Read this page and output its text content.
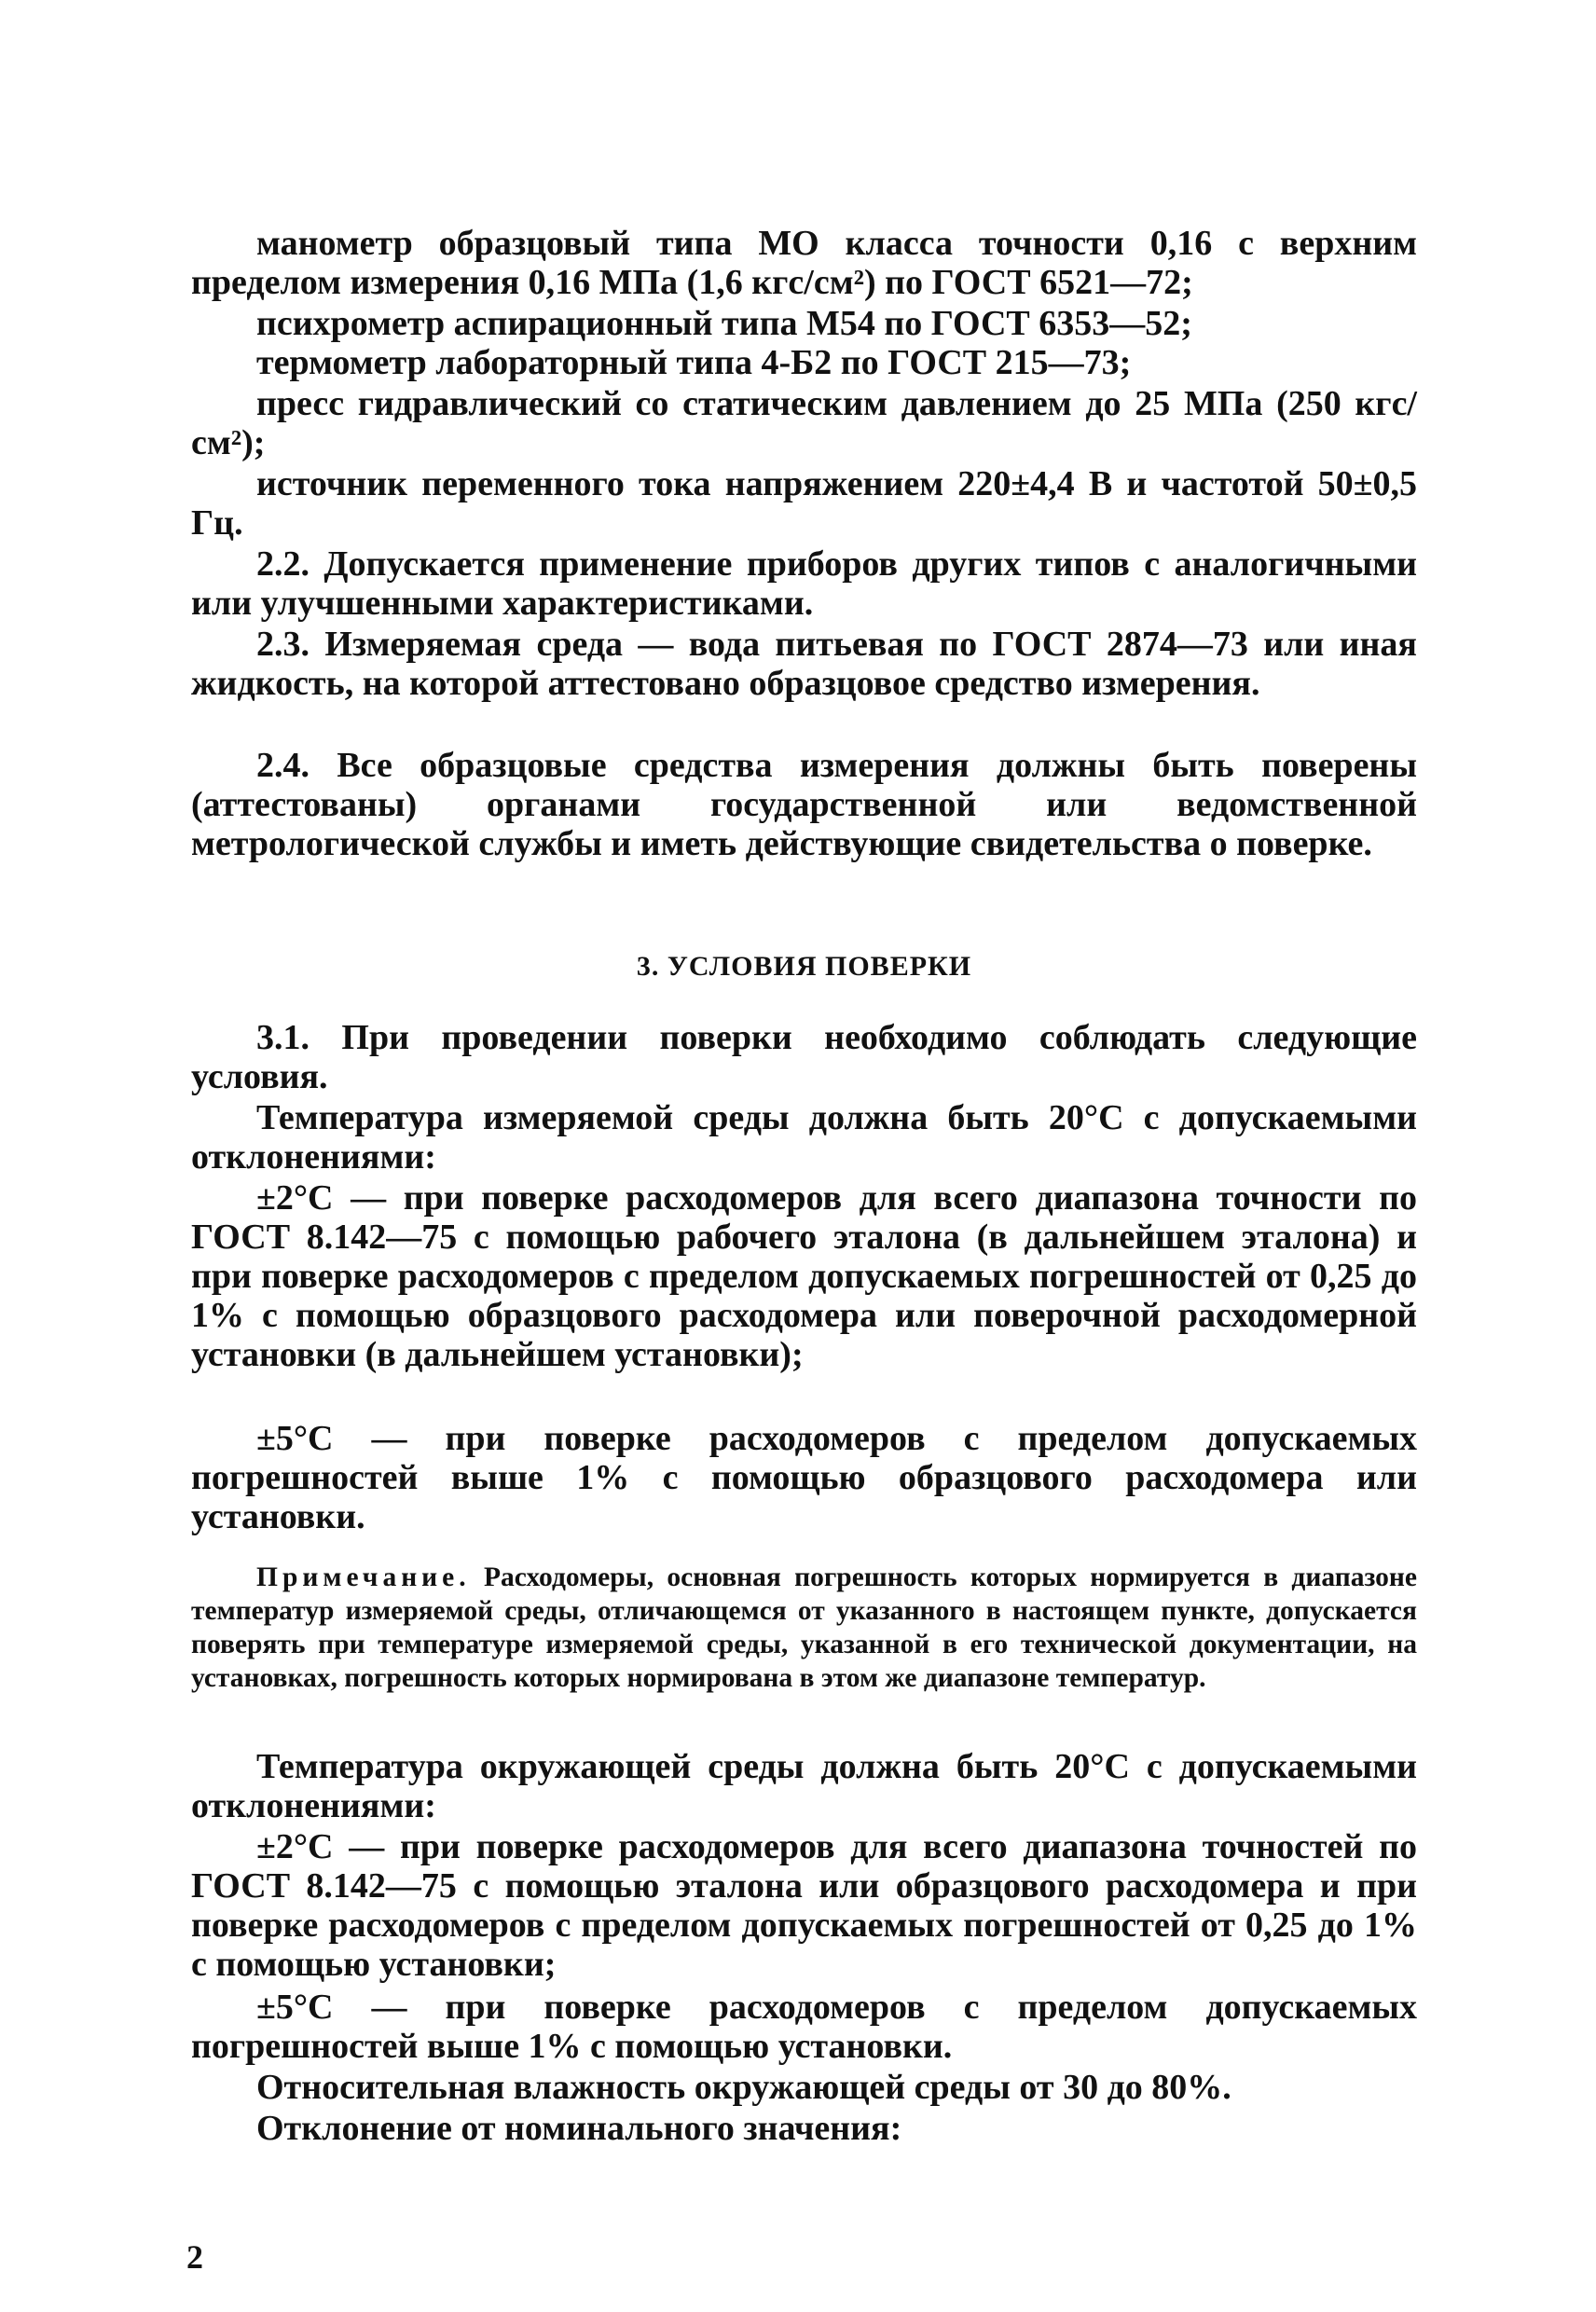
манометр образцовый типа МО класса точности 0,16 с верхним пределом измерения 0,16 МПа (1,6 кгс/см²) по ГОСТ 6521—72;

психрометр аспирационный типа М54 по ГОСТ 6353—52;

термометр лабораторный типа 4-Б2 по ГОСТ 215—73;

пресс гидравлический со статическим давлением до 25 МПа (250 кгс/см²);

источник переменного тока напряжением 220±4,4 В и частотой 50±0,5 Гц.

2.2. Допускается применение приборов других типов с аналогичными или улучшенными характеристиками.

2.3. Измеряемая среда — вода питьевая по ГОСТ 2874—73 или иная жидкость, на которой аттестовано образцовое средство измерения.

2.4. Все образцовые средства измерения должны быть поверены (аттестованы) органами государственной или ведомственной метрологической службы и иметь действующие свидетельства о поверке.

3. УСЛОВИЯ ПОВЕРКИ

3.1. При проведении поверки необходимо соблюдать следующие условия.

Температура измеряемой среды должна быть 20°С с допускаемыми отклонениями:

±2°С — при поверке расходомеров для всего диапазона точности по ГОСТ 8.142—75 с помощью рабочего эталона (в дальнейшем эталона) и при поверке расходомеров с пределом допускаемых погрешностей от 0,25 до 1% с помощью образцового расходомера или поверочной расходомерной установки (в дальнейшем установки);

±5°С — при поверке расходомеров с пределом допускаемых погрешностей выше 1% с помощью образцового расходомера или установки.

Примечание. Расходомеры, основная погрешность которых нормируется в диапазоне температур измеряемой среды, отличающемся от указанного в настоящем пункте, допускается поверять при температуре измеряемой среды, указанной в его технической документации, на установках, погрешность которых нормирована в этом же диапазоне температур.

Температура окружающей среды должна быть 20°С с допускаемыми отклонениями:

±2°С — при поверке расходомеров для всего диапазона точностей по ГОСТ 8.142—75 с помощью эталона или образцового расходомера и при поверке расходомеров с пределом допускаемых погрешностей от 0,25 до 1% с помощью установки;

±5°С — при поверке расходомеров с пределом допускаемых погрешностей выше 1% с помощью установки.

Относительная влажность окружающей среды от 30 до 80%.

Отклонение от номинального значения:

2
